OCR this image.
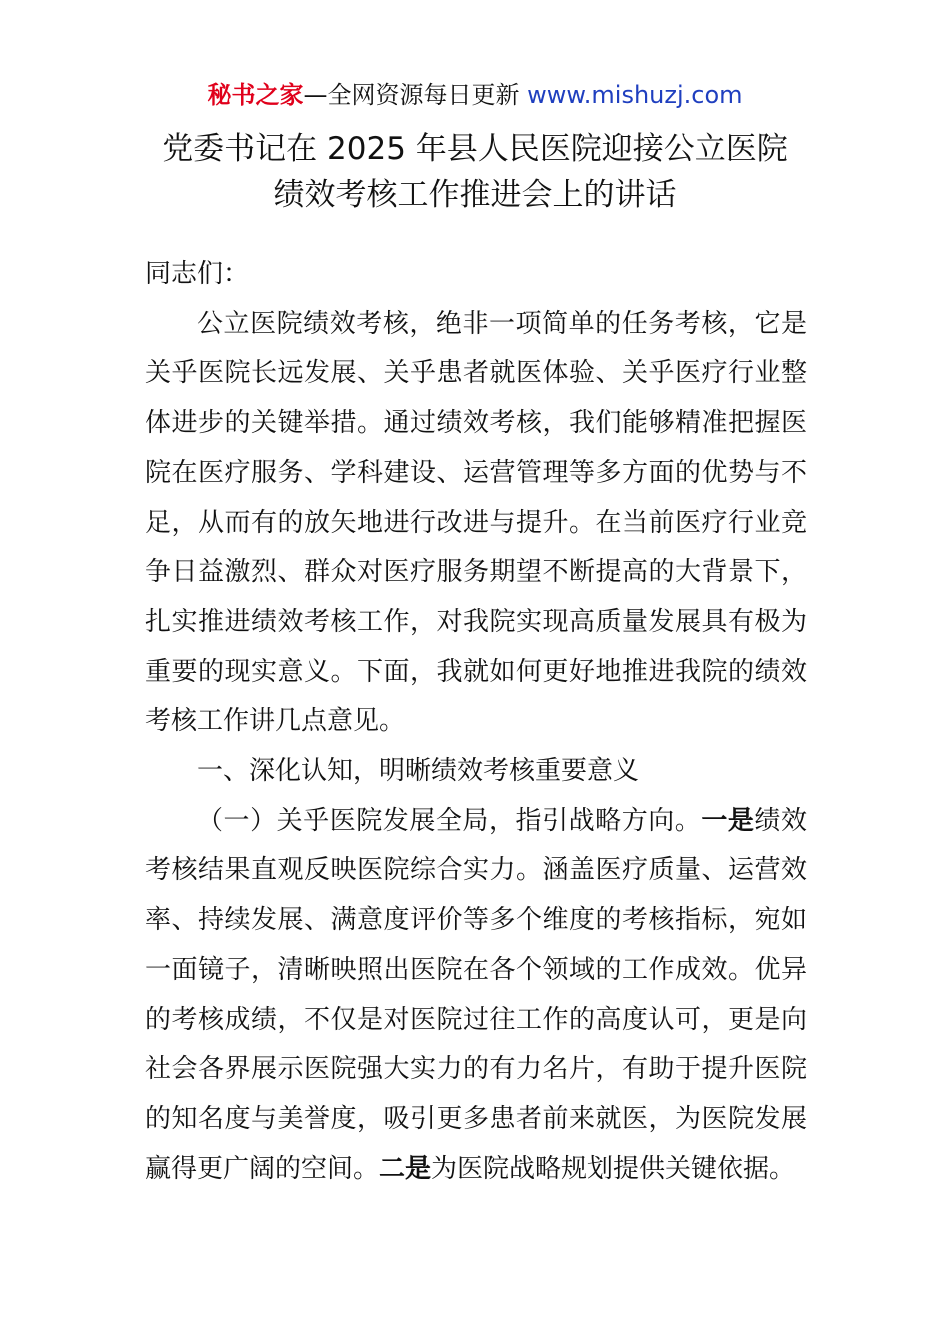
秘书之家—全网资源每日更新 www.mishuzj.com
党委书记在 2025 年县人民医院迎接公立医院
绩效考核工作推进会上的讲话

同志们：

公立医院绩效考核，绝非一项简单的任务考核，它是关乎医院长远发展、关乎患者就医体验、关乎医疗行业整体进步的关键举措。通过绩效考核，我们能够精准把握医院在医疗服务、学科建设、运营管理等多方面的优势与不足，从而有的放矢地进行改进与提升。在当前医疗行业竞争日益激烈、群众对医疗服务期望不断提高的大背景下，扎实推进绩效考核工作，对我院实现高质量发展具有极为重要的现实意义。下面，我就如何更好地推进我院的绩效考核工作讲几点意见。

一、深化认知，明晰绩效考核重要意义

（一）关乎医院发展全局，指引战略方向。一是绩效考核结果直观反映医院综合实力。涵盖医疗质量、运营效率、持续发展、满意度评价等多个维度的考核指标，宛如一面镜子，清晰映照出医院在各个领域的工作成效。优异的考核成绩，不仅是对医院过往工作的高度认可，更是向社会各界展示医院强大实力的有力名片，有助于提升医院的知名度与美誉度，吸引更多患者前来就医，为医院发展赢得更广阔的空间。二是为医院战略规划提供关键依据。
